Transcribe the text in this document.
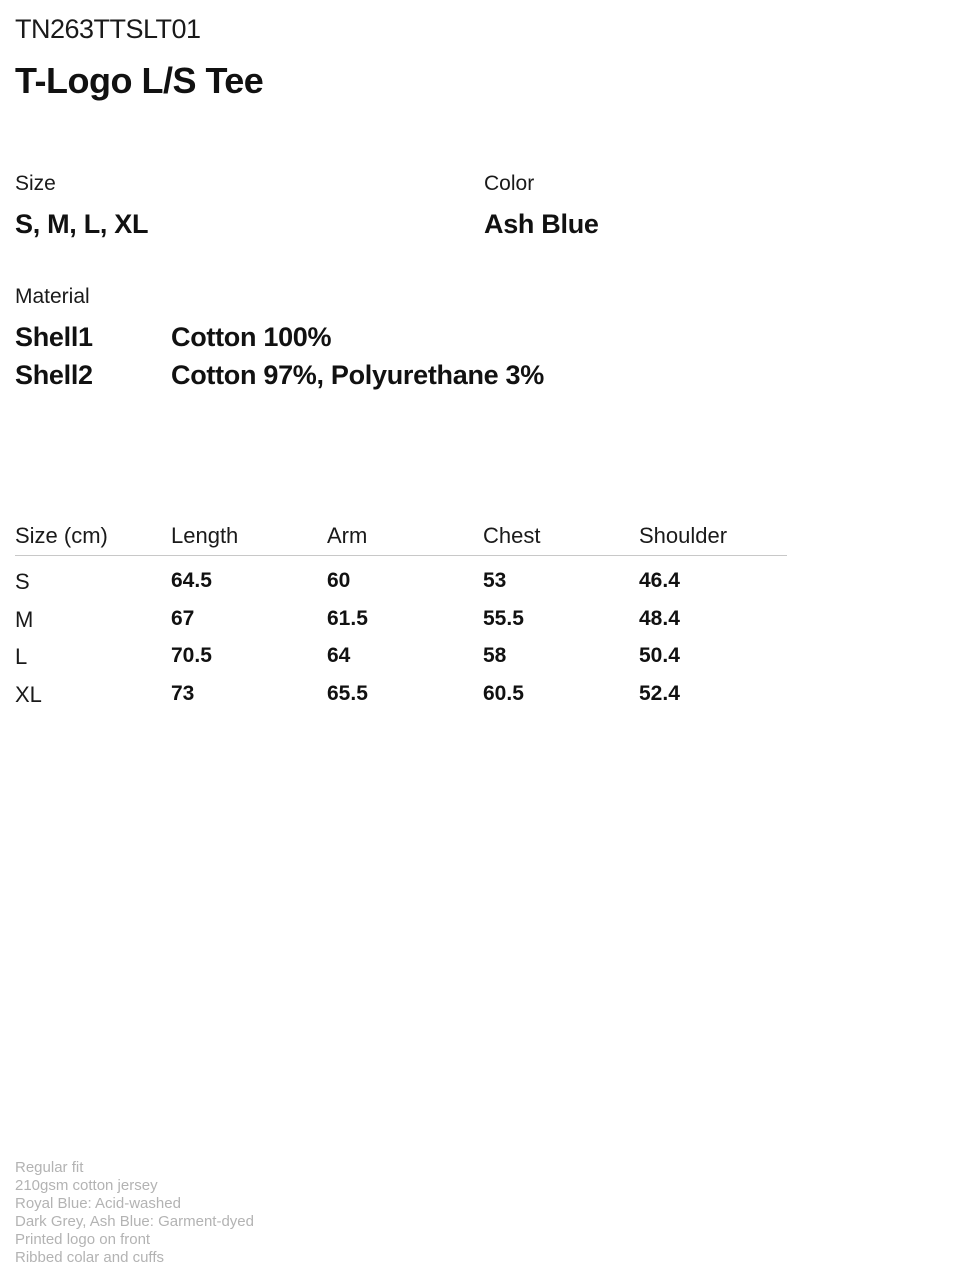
TN263TTSLT01
T-Logo L/S Tee
Size
S, M, L, XL
Color
Ash Blue
Material
Shell1	Cotton 100%
Shell2	Cotton 97%, Polyurethane 3%
Size (cm)	Length	Arm	Chest	Shoulder
S	64.5	60	53	46.4
M	67	61.5	55.5	48.4
L	70.5	64	58	50.4
XL	73	65.5	60.5	52.4
Regular fit
210gsm cotton jersey
Royal Blue: Acid-washed
Dark Grey, Ash Blue: Garment-dyed
Printed logo on front
Ribbed colar and cuffs
